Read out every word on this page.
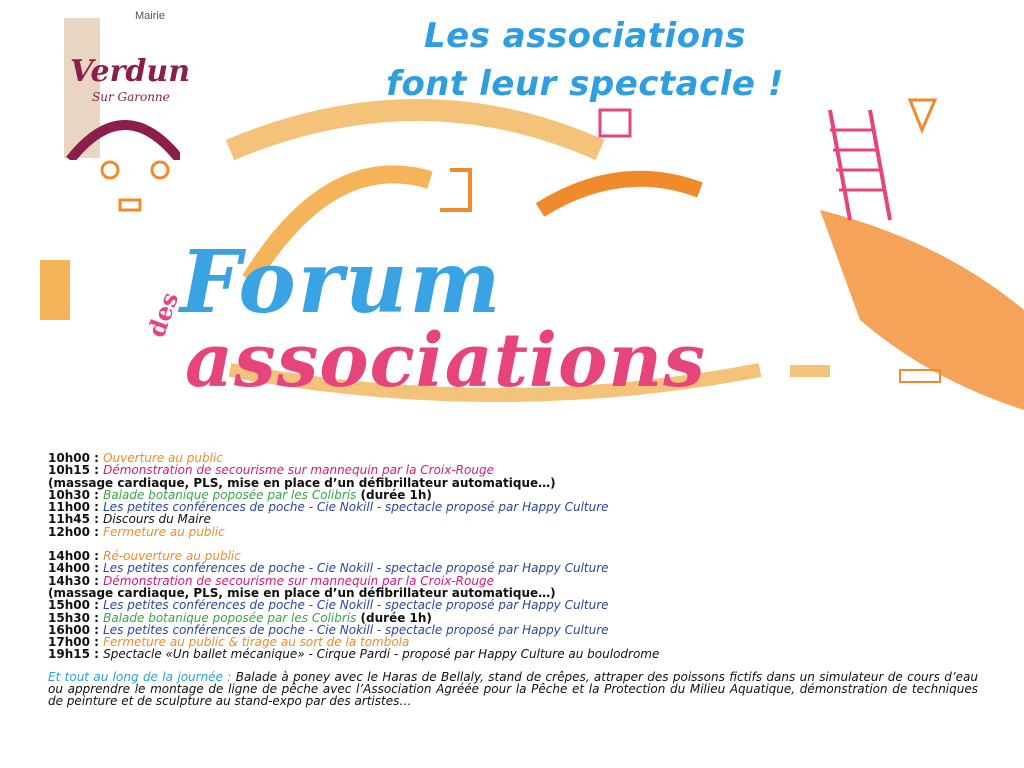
Mairie
Verdun
Sur Garonne
Les associations
font leur spectacle !
des
Forum
associations
10h00 : Ouverture au public
10h15 : Démonstration de secourisme sur mannequin par la Croix-Rouge
(massage cardiaque, PLS, mise en place d’un défibrillateur automatique…)
10h30 : Balade botanique poposée par les Colibris (durée 1h)
11h00 : Les petites conférences de poche - Cie Nokill - spectacle proposé par Happy Culture
11h45 : Discours du Maire
12h00 : Fermeture au public
14h00 : Ré-ouverture au public
14h00 : Les petites conférences de poche - Cie Nokill - spectacle proposé par Happy Culture
14h30 : Démonstration de secourisme sur mannequin par la Croix-Rouge
(massage cardiaque, PLS, mise en place d’un défibrillateur automatique…)
15h00 : Les petites conférences de poche - Cie Nokill - spectacle proposé par Happy Culture
15h30 : Balade botanique poposée par les Colibris (durée 1h)
16h00 : Les petites conférences de poche - Cie Nokill - spectacle proposé par Happy Culture
17h00 : Fermeture au public & tirage au sort de la tombola
19h15 : Spectacle «Un ballet mécanique» - Cirque Pardi - proposé par Happy Culture au boulodrome
Et tout au long de la journée : Balade à poney avec le Haras de Bellaly, stand de crêpes, attraper des poissons fictifs dans un simulateur de cours d’eau ou apprendre le montage de ligne de pêche avec l’Association Agréée pour la Pêche et la Protection du Milieu Aquatique, démonstration de techniques de peinture et de sculpture au stand-expo par des artistes…
